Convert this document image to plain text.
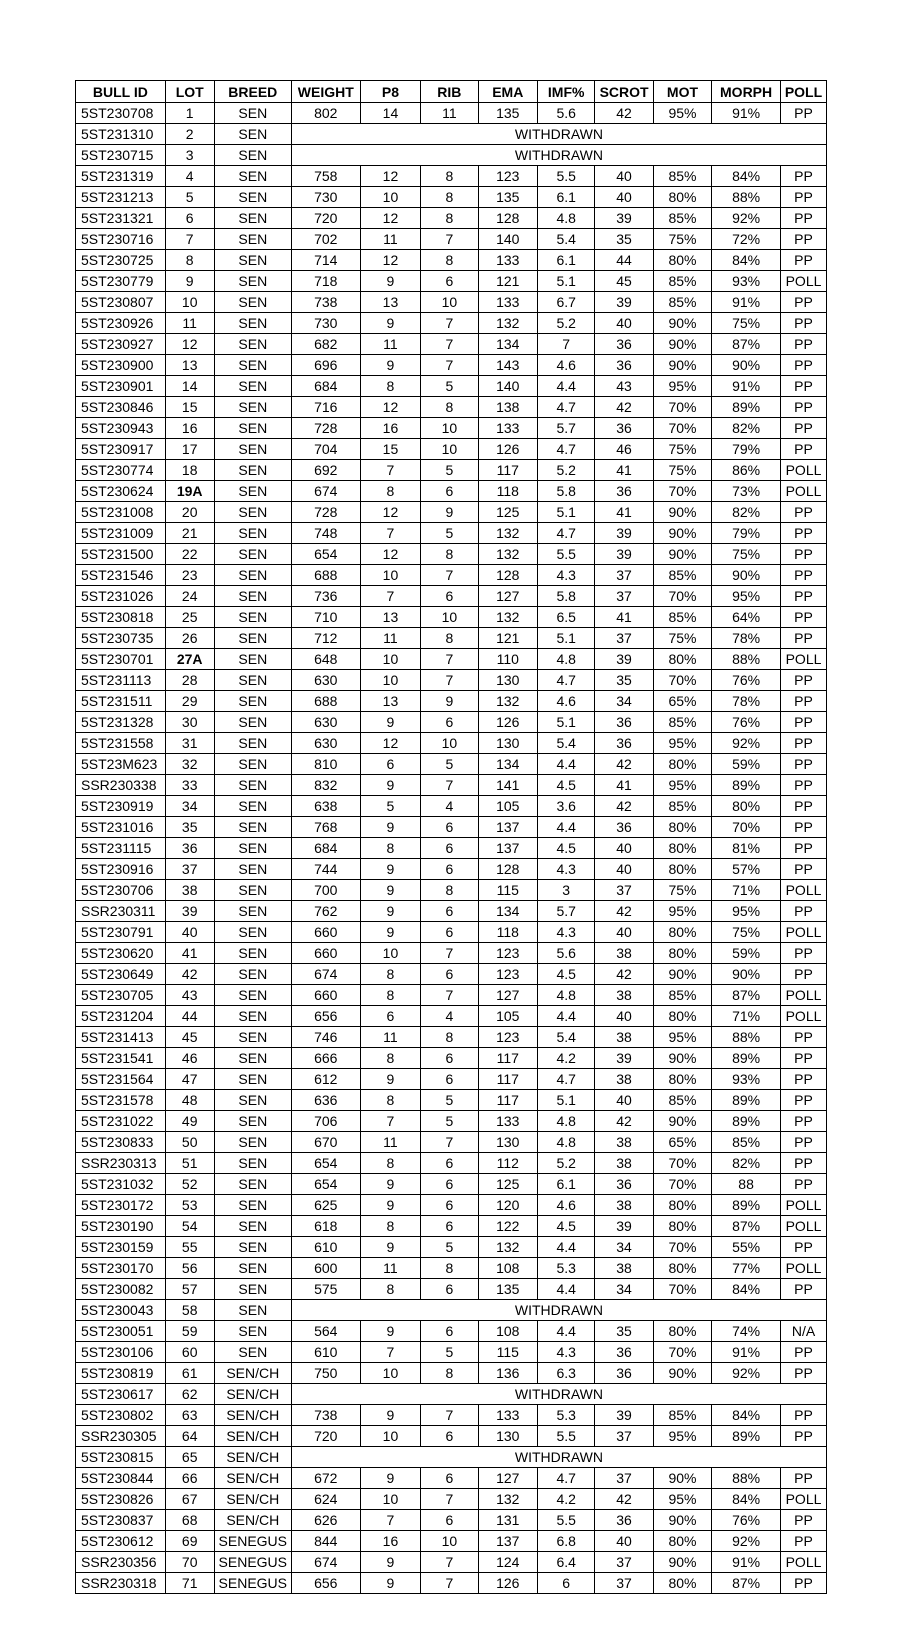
BULL ID	LOT	BREED	WEIGHT	P8	RIB	EMA	IMF%	SCROT	MOT	MORPH	POLL
5ST230708	1	SEN	802	14	11	135	5.6	42	95%	91%	PP
5ST231310	2	SEN	WITHDRAWN								
5ST230715	3	SEN	WITHDRAWN								
5ST231319	4	SEN	758	12	8	123	5.5	40	85%	84%	PP
5ST231213	5	SEN	730	10	8	135	6.1	40	80%	88%	PP
5ST231321	6	SEN	720	12	8	128	4.8	39	85%	92%	PP
5ST230716	7	SEN	702	11	7	140	5.4	35	75%	72%	PP
5ST230725	8	SEN	714	12	8	133	6.1	44	80%	84%	PP
5ST230779	9	SEN	718	9	6	121	5.1	45	85%	93%	POLL
5ST230807	10	SEN	738	13	10	133	6.7	39	85%	91%	PP
5ST230926	11	SEN	730	9	7	132	5.2	40	90%	75%	PP
5ST230927	12	SEN	682	11	7	134	7	36	90%	87%	PP
5ST230900	13	SEN	696	9	7	143	4.6	36	90%	90%	PP
5ST230901	14	SEN	684	8	5	140	4.4	43	95%	91%	PP
5ST230846	15	SEN	716	12	8	138	4.7	42	70%	89%	PP
5ST230943	16	SEN	728	16	10	133	5.7	36	70%	82%	PP
5ST230917	17	SEN	704	15	10	126	4.7	46	75%	79%	PP
5ST230774	18	SEN	692	7	5	117	5.2	41	75%	86%	POLL
5ST230624	19A	SEN	674	8	6	118	5.8	36	70%	73%	POLL
5ST231008	20	SEN	728	12	9	125	5.1	41	90%	82%	PP
5ST231009	21	SEN	748	7	5	132	4.7	39	90%	79%	PP
5ST231500	22	SEN	654	12	8	132	5.5	39	90%	75%	PP
5ST231546	23	SEN	688	10	7	128	4.3	37	85%	90%	PP
5ST231026	24	SEN	736	7	6	127	5.8	37	70%	95%	PP
5ST230818	25	SEN	710	13	10	132	6.5	41	85%	64%	PP
5ST230735	26	SEN	712	11	8	121	5.1	37	75%	78%	PP
5ST230701	27A	SEN	648	10	7	110	4.8	39	80%	88%	POLL
5ST231113	28	SEN	630	10	7	130	4.7	35	70%	76%	PP
5ST231511	29	SEN	688	13	9	132	4.6	34	65%	78%	PP
5ST231328	30	SEN	630	9	6	126	5.1	36	85%	76%	PP
5ST231558	31	SEN	630	12	10	130	5.4	36	95%	92%	PP
5ST23M623	32	SEN	810	6	5	134	4.4	42	80%	59%	PP
SSR230338	33	SEN	832	9	7	141	4.5	41	95%	89%	PP
5ST230919	34	SEN	638	5	4	105	3.6	42	85%	80%	PP
5ST231016	35	SEN	768	9	6	137	4.4	36	80%	70%	PP
5ST231115	36	SEN	684	8	6	137	4.5	40	80%	81%	PP
5ST230916	37	SEN	744	9	6	128	4.3	40	80%	57%	PP
5ST230706	38	SEN	700	9	8	115	3	37	75%	71%	POLL
SSR230311	39	SEN	762	9	6	134	5.7	42	95%	95%	PP
5ST230791	40	SEN	660	9	6	118	4.3	40	80%	75%	POLL
5ST230620	41	SEN	660	10	7	123	5.6	38	80%	59%	PP
5ST230649	42	SEN	674	8	6	123	4.5	42	90%	90%	PP
5ST230705	43	SEN	660	8	7	127	4.8	38	85%	87%	POLL
5ST231204	44	SEN	656	6	4	105	4.4	40	80%	71%	POLL
5ST231413	45	SEN	746	11	8	123	5.4	38	95%	88%	PP
5ST231541	46	SEN	666	8	6	117	4.2	39	90%	89%	PP
5ST231564	47	SEN	612	9	6	117	4.7	38	80%	93%	PP
5ST231578	48	SEN	636	8	5	117	5.1	40	85%	89%	PP
5ST231022	49	SEN	706	7	5	133	4.8	42	90%	89%	PP
5ST230833	50	SEN	670	11	7	130	4.8	38	65%	85%	PP
SSR230313	51	SEN	654	8	6	112	5.2	38	70%	82%	PP
5ST231032	52	SEN	654	9	6	125	6.1	36	70%	88	PP
5ST230172	53	SEN	625	9	6	120	4.6	38	80%	89%	POLL
5ST230190	54	SEN	618	8	6	122	4.5	39	80%	87%	POLL
5ST230159	55	SEN	610	9	5	132	4.4	34	70%	55%	PP
5ST230170	56	SEN	600	11	8	108	5.3	38	80%	77%	POLL
5ST230082	57	SEN	575	8	6	135	4.4	34	70%	84%	PP
5ST230043	58	SEN	WITHDRAWN								
5ST230051	59	SEN	564	9	6	108	4.4	35	80%	74%	N/A
5ST230106	60	SEN	610	7	5	115	4.3	36	70%	91%	PP
5ST230819	61	SEN/CH	750	10	8	136	6.3	36	90%	92%	PP
5ST230617	62	SEN/CH	WITHDRAWN								
5ST230802	63	SEN/CH	738	9	7	133	5.3	39	85%	84%	PP
SSR230305	64	SEN/CH	720	10	6	130	5.5	37	95%	89%	PP
5ST230815	65	SEN/CH	WITHDRAWN								
5ST230844	66	SEN/CH	672	9	6	127	4.7	37	90%	88%	PP
5ST230826	67	SEN/CH	624	10	7	132	4.2	42	95%	84%	POLL
5ST230837	68	SEN/CH	626	7	6	131	5.5	36	90%	76%	PP
5ST230612	69	SENEGUS	844	16	10	137	6.8	40	80%	92%	PP
SSR230356	70	SENEGUS	674	9	7	124	6.4	37	90%	91%	POLL
SSR230318	71	SENEGUS	656	9	7	126	6	37	80%	87%	PP
